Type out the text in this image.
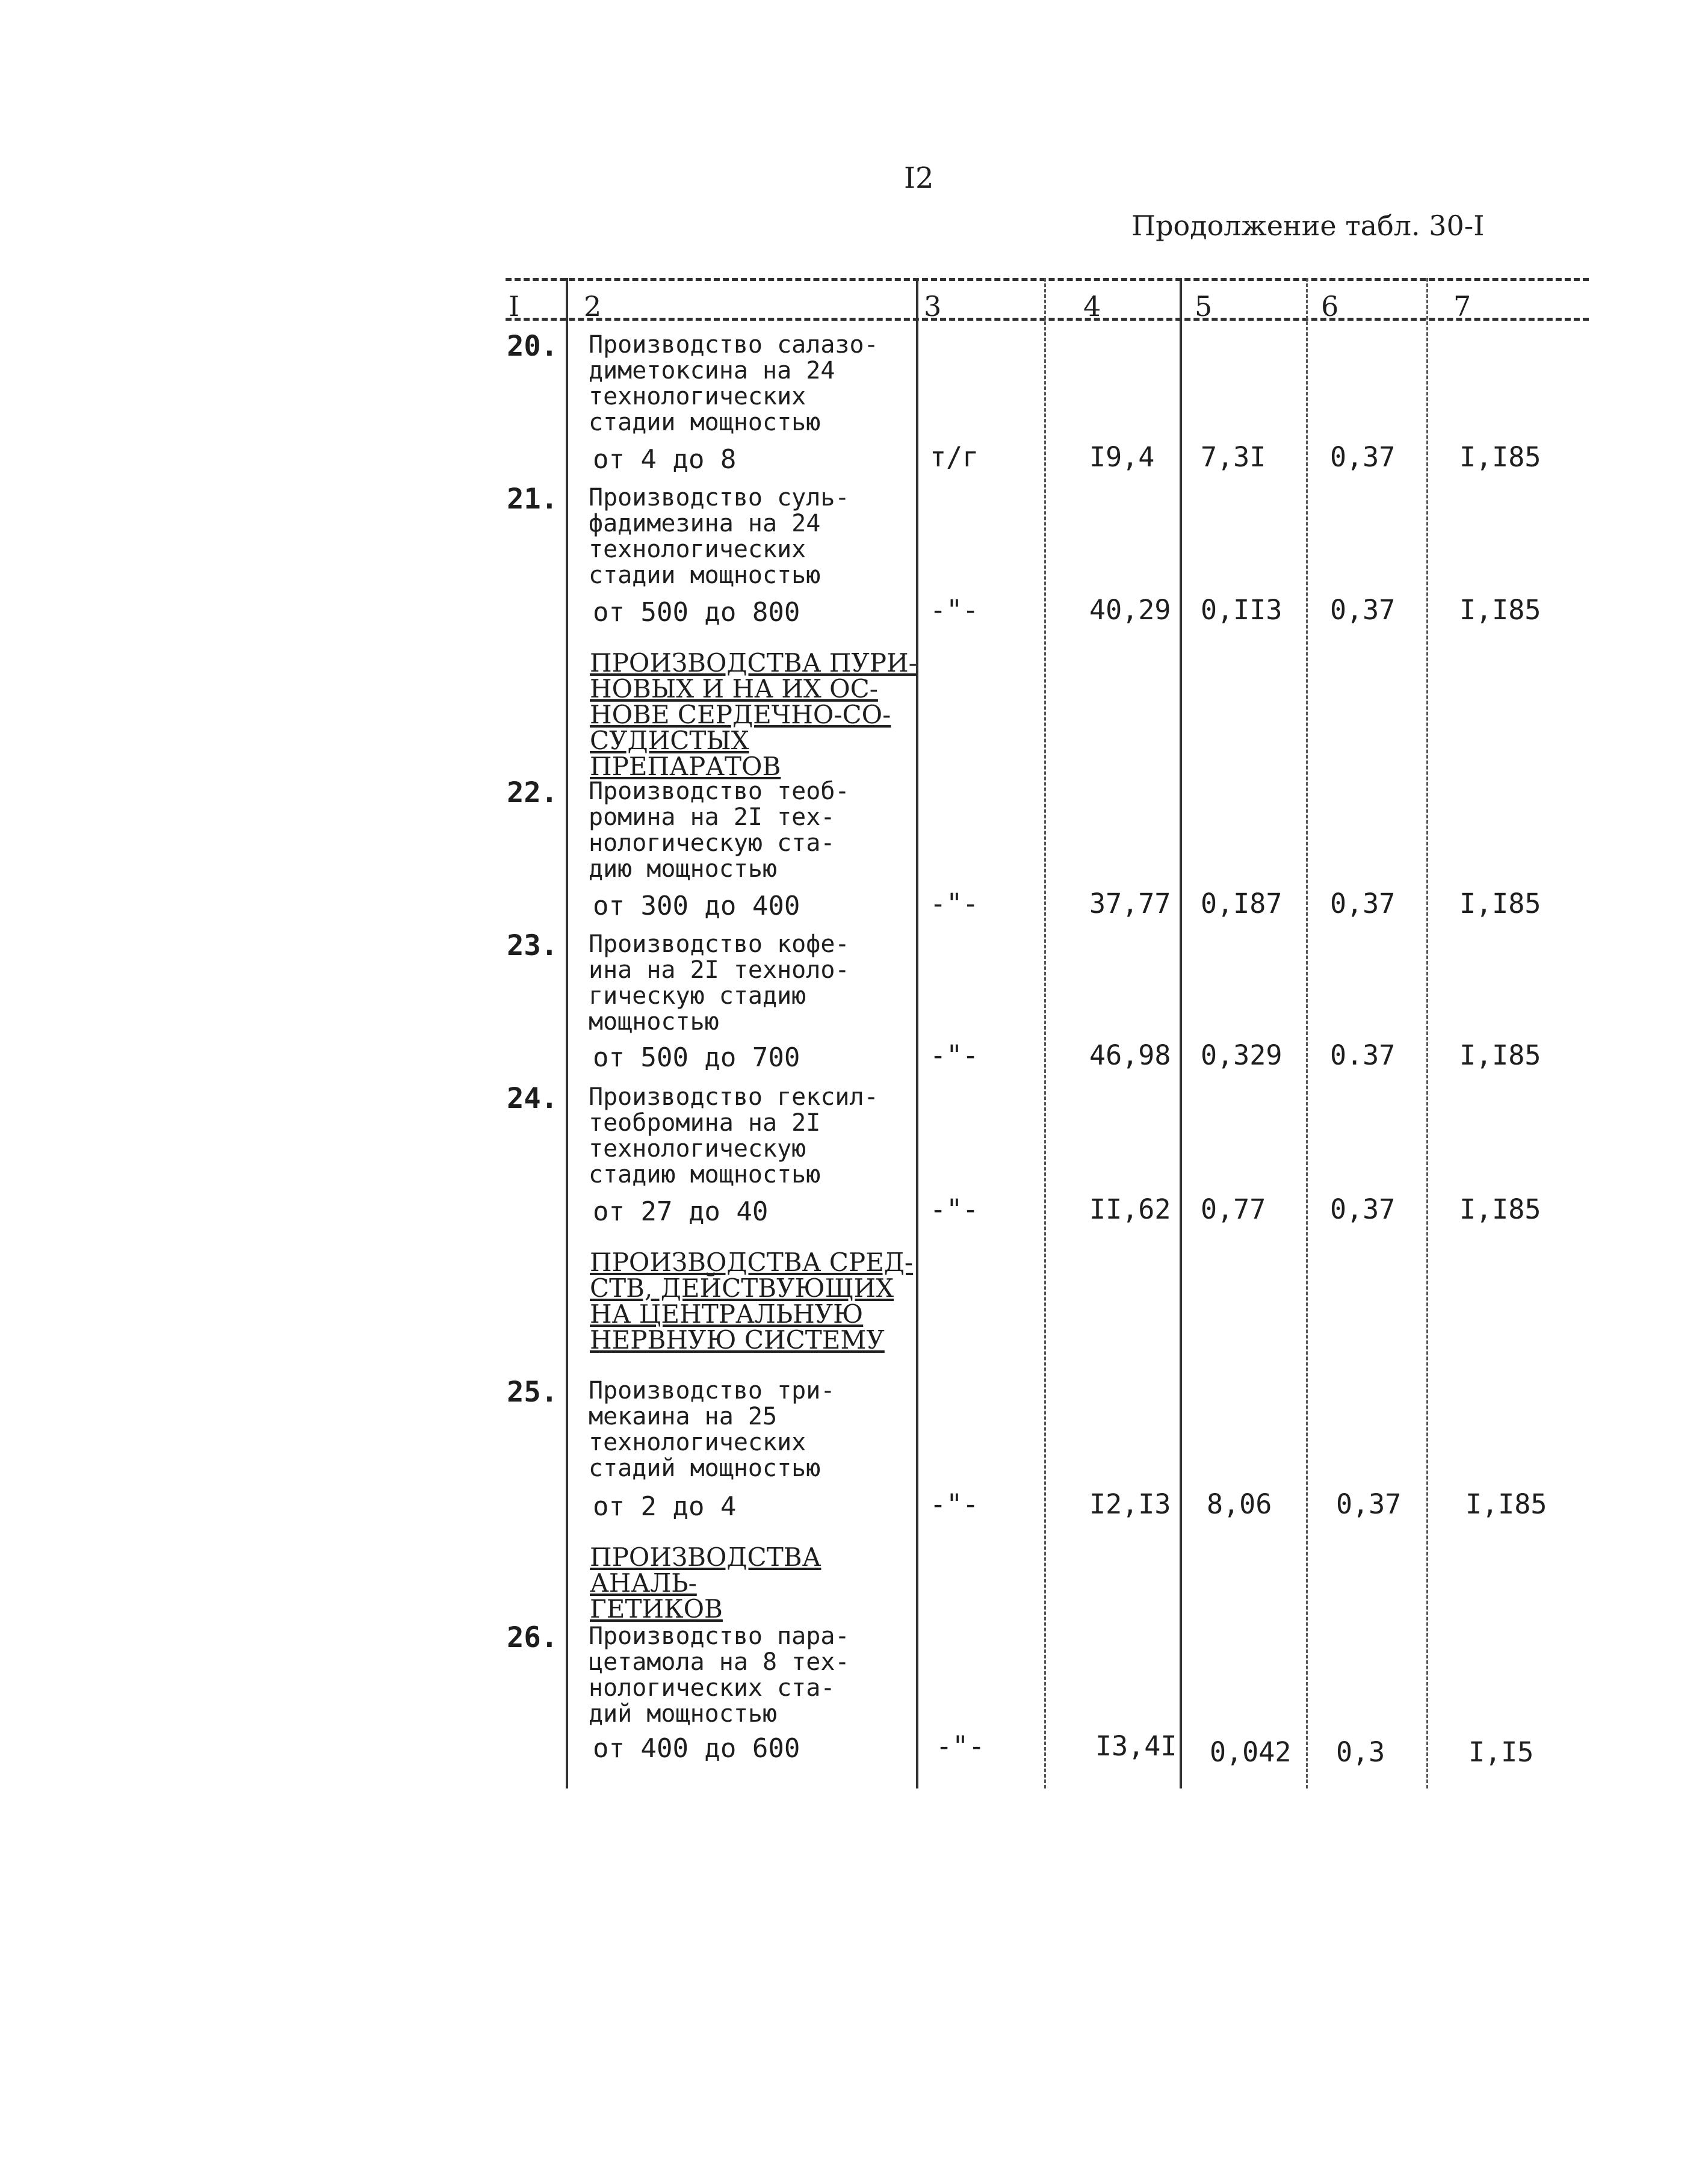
I2
Продолжение табл. 30-I
I 2	3	4	5	6	7
20. Производство салазо-
диметоксина на 24
технологических
стадии мощностью
от 4 до 8	т/г	I9,4 7,3I 0,37 I,I85
21. Производство суль-
фадимезина на 24
технологических
стадии мощностью
от 500 до 800	-"-	40,29 0,II3 0,37 I,I85
ПРОИЗВОДСТВА ПУРИ-
НОВЫХ И НА ИХ ОС-
НОВЕ СЕРДЕЧНО-СО-
СУДИСТЫХ ПРЕПАРАТОВ
22. Производство теоб-
ромина на 2I тех-
нологическую ста-
дию мощностью
от 300 до 400	-"-	37,77 0,I87 0,37 I,I85
23. Производство кофе-
ина на 2I техноло-
гическую стадию
мощностью
от 500 до 700	-"-	46,98 0,329 0.37 I,I85
24. Производство гексил-
теобромина на 2I
технологическую
стадию мощностью
от 27 до 40	-"-	II,62 0,77 0,37 I,I85
ПРОИЗВОДСТВА СРЕД-
СТВ, ДЕЙСТВУЮЩИХ
НА ЦЕНТРАЛЬНУЮ
НЕРВНУЮ СИСТЕМУ
25. Производство три-
мекаина на 25
технологических
стадий мощностью
от 2 до 4	-"-	I2,I3 8,06 0,37 I,I85
ПРОИЗВОДСТВА АНАЛЬ-
ГЕТИКОВ
26. Производство пара-
цетамола на 8 тех-
нологических ста-
дий мощностью
от 400 до 600	-"-	I3,4I 0,042 0,3	I,I5
